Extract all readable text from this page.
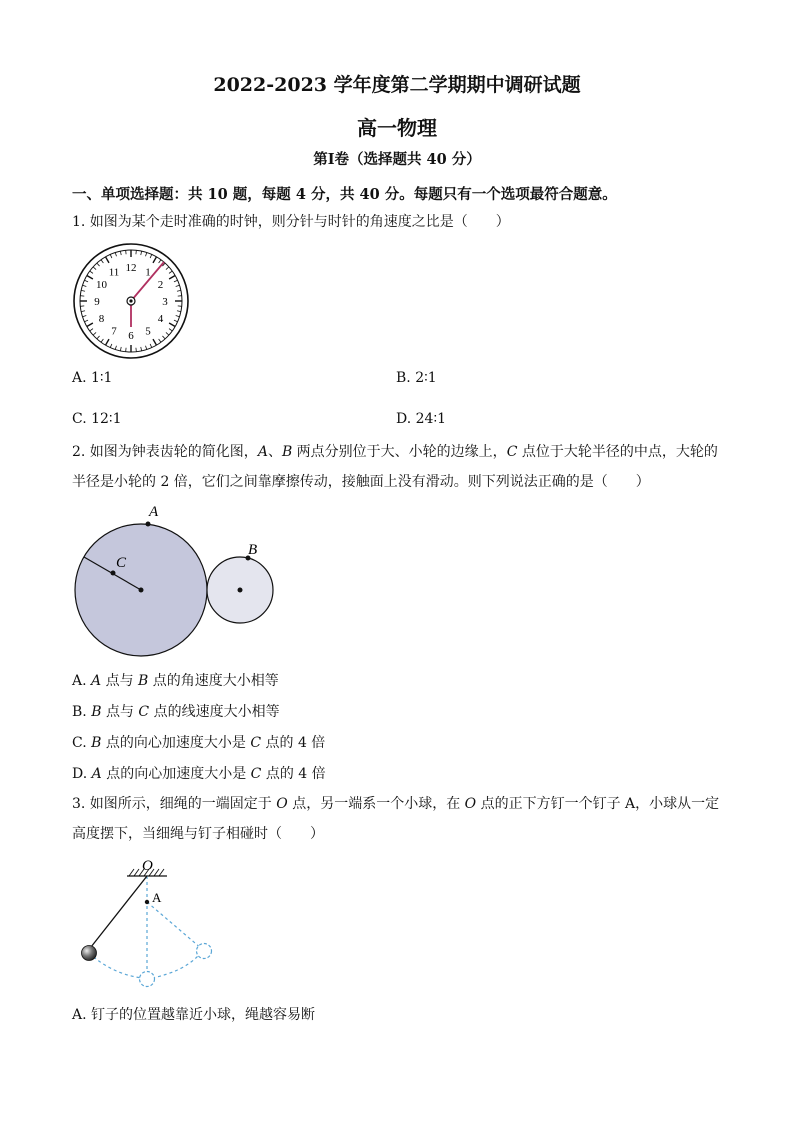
2022-2023 学年度第二学期期中调研试题
高一物理
第Ⅰ卷（选择题共 40 分）
一、单项选择题：共 10 题，每题 4 分，共 40 分。每题只有一个选项最符合题意。
1. 如图为某个走时准确的时钟，则分针与时针的角速度之比是（　　）
12 1
2
3
4
5
6
7
8
9
10
11
A. 1∶1	B. 2∶1
C. 12∶1	D. 24∶1
2. 如图为钟表齿轮的简化图，A、B 两点分别位于大、小轮的边缘上，C 点位于大轮半径的中点，大轮的
半径是小轮的 2 倍，它们之间靠摩擦传动，接触面上没有滑动。则下列说法正确的是（　　）
A
C
B
A. A 点与 B 点的角速度大小相等
B. B 点与 C 点的线速度大小相等
C. B 点的向心加速度大小是 C 点的 4 倍
D. A 点的向心加速度大小是 C 点的 4 倍
3. 如图所示，细绳的一端固定于 O 点，另一端系一个小球，在 O 点的正下方钉一个钉子 A，小球从一定
高度摆下，当细绳与钉子相碰时（　　）
O
A
A. 钉子的位置越靠近小球，绳越容易断
